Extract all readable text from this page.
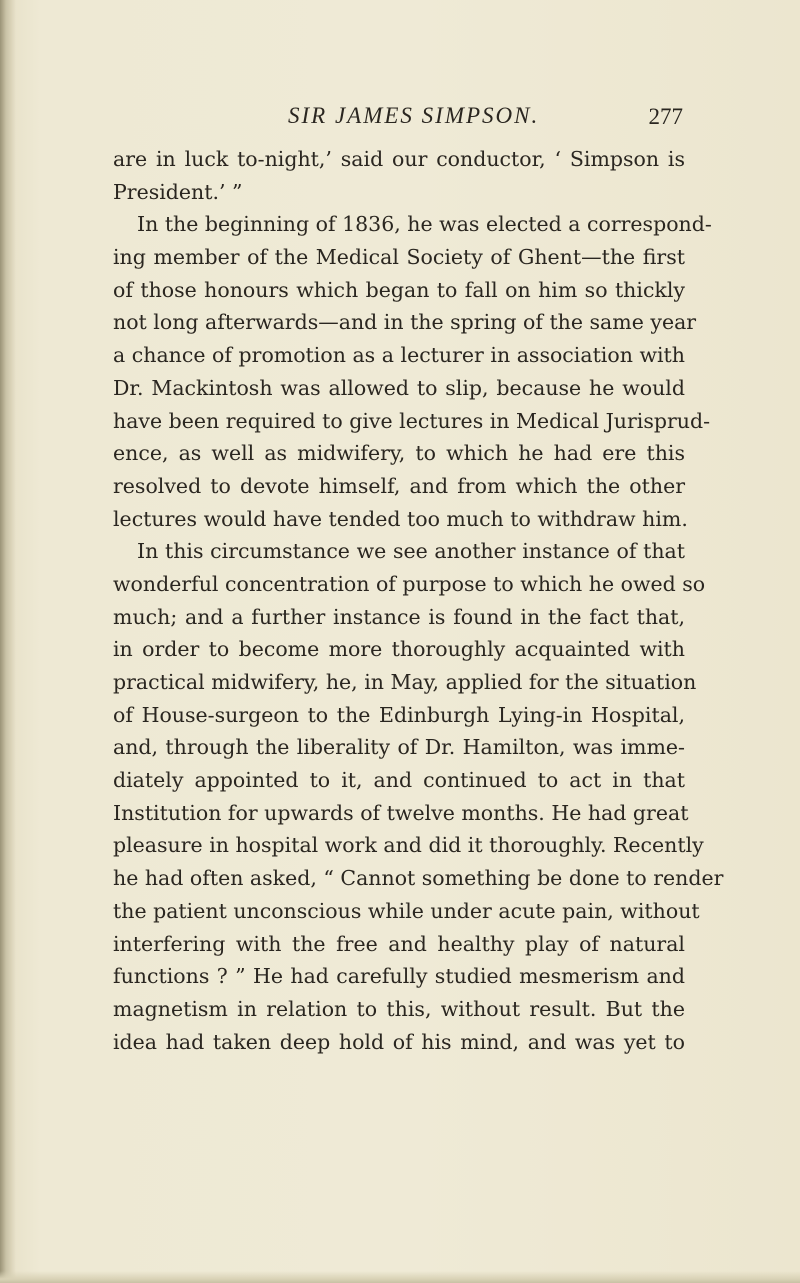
SIR JAMES SIMPSON.	277
are in luck to-night,’ said our conductor, ‘ Simpson is
President.’ ”
In the beginning of 1836, he was elected a correspond-
ing member of the Medical Society of Ghent—the first
of those honours which began to fall on him so thickly
not long afterwards—and in the spring of the same year
a chance of promotion as a lecturer in association with
Dr. Mackintosh was allowed to slip, because he would
have been required to give lectures in Medical Jurisprud-
ence, as well as midwifery, to which he had ere this
resolved to devote himself, and from which the other
lectures would have tended too much to withdraw him.
In this circumstance we see another instance of that
wonderful concentration of purpose to which he owed so
much; and a further instance is found in the fact that,
in order to become more thoroughly acquainted with
practical midwifery, he, in May, applied for the situation
of House-surgeon to the Edinburgh Lying-in Hospital,
and, through the liberality of Dr. Hamilton, was imme-
diately appointed to it, and continued to act in that
Institution for upwards of twelve months. He had great
pleasure in hospital work and did it thoroughly. Recently
he had often asked, “ Cannot something be done to render
the patient unconscious while under acute pain, without
interfering with the free and healthy play of natural
functions ? ” He had carefully studied mesmerism and
magnetism in relation to this, without result. But the
idea had taken deep hold of his mind, and was yet to
